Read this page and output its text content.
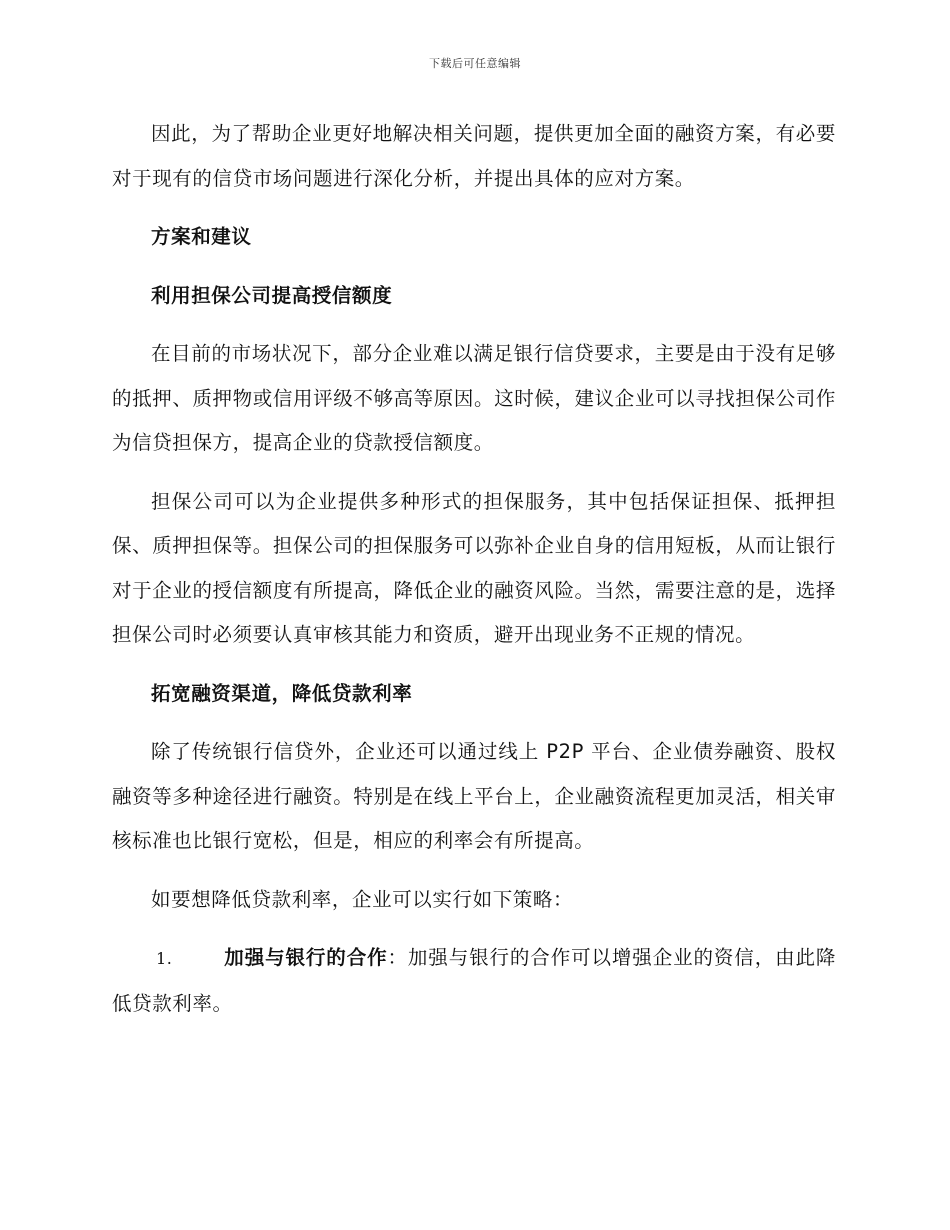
下载后可任意编辑

因此，为了帮助企业更好地解决相关问题，提供更加全面的融资方案，有必要对于现有的信贷市场问题进行深化分析，并提出具体的应对方案。

方案和建议

利用担保公司提高授信额度

在目前的市场状况下，部分企业难以满足银行信贷要求，主要是由于没有足够的抵押、质押物或信用评级不够高等原因。这时候，建议企业可以寻找担保公司作为信贷担保方，提高企业的贷款授信额度。

担保公司可以为企业提供多种形式的担保服务，其中包括保证担保、抵押担保、质押担保等。担保公司的担保服务可以弥补企业自身的信用短板，从而让银行对于企业的授信额度有所提高，降低企业的融资风险。当然，需要注意的是，选择担保公司时必须要认真审核其能力和资质，避开出现业务不正规的情况。

拓宽融资渠道，降低贷款利率

除了传统银行信贷外，企业还可以通过线上 P2P 平台、企业债券融资、股权融资等多种途径进行融资。特别是在线上平台上，企业融资流程更加灵活，相关审核标准也比银行宽松，但是，相应的利率会有所提高。

如要想降低贷款利率，企业可以实行如下策略：

1.	加强与银行的合作：加强与银行的合作可以增强企业的资信，由此降低贷款利率。
